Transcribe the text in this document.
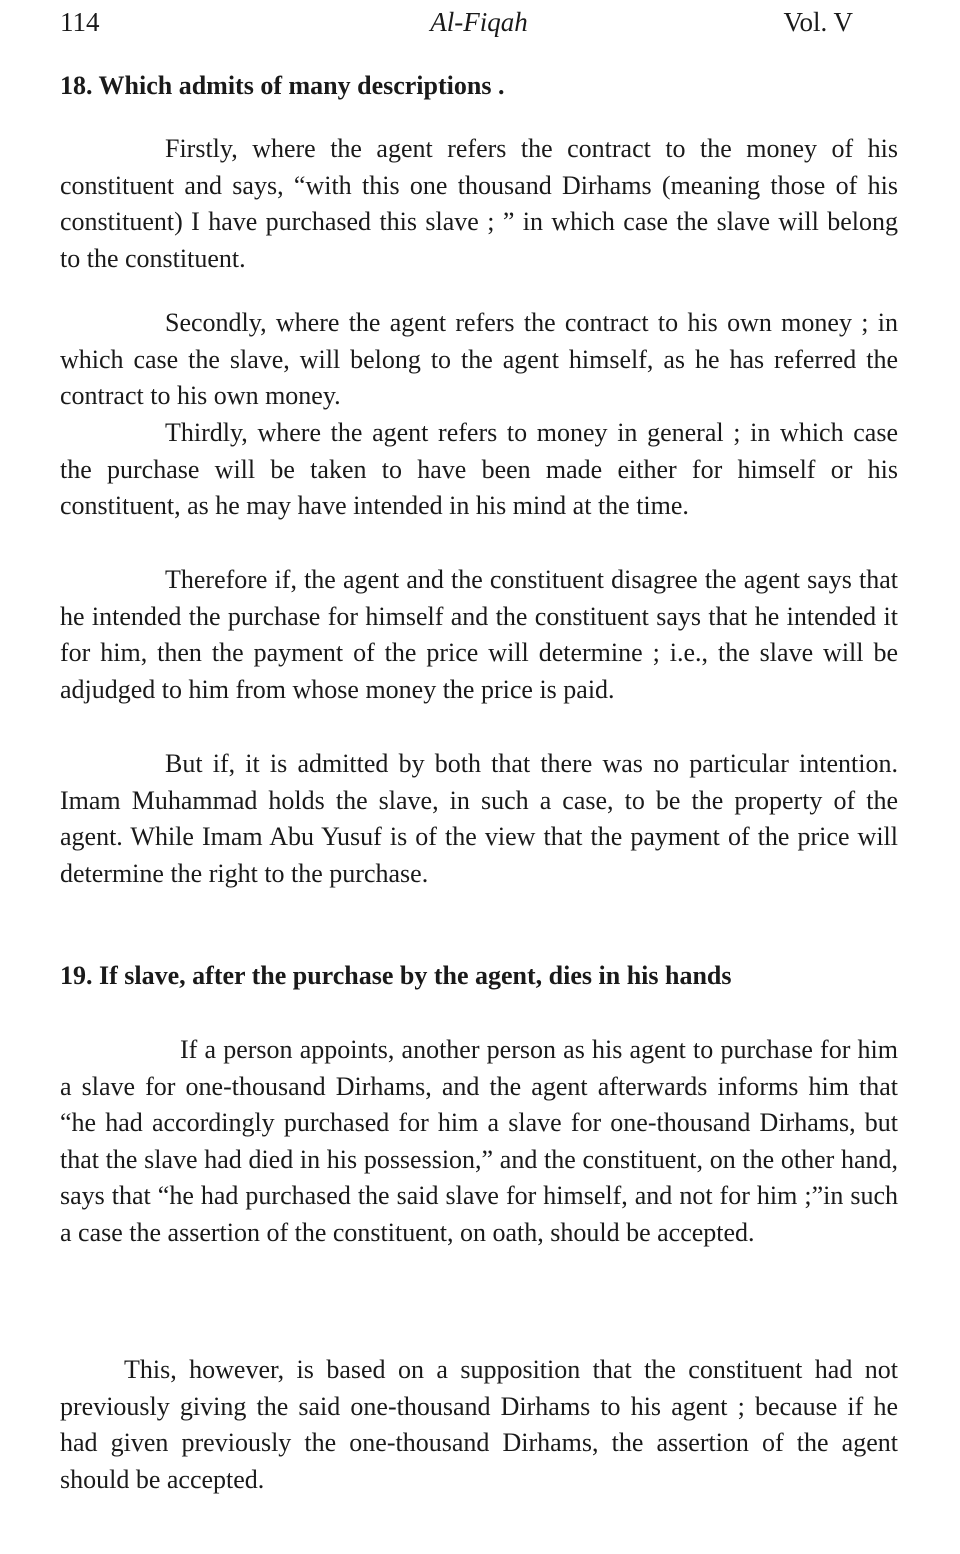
114	Al-Fiqah	Vol. V
18. Which admits of many descriptions .

Firstly, where the agent refers the contract to the money of his constituent and says, “with this one thousand Dirhams (meaning those of his constituent) I have purchased this slave ; ” in which case the slave will belong to the constituent.

Secondly, where the agent refers the contract to his own money ; in which case the slave, will belong to the agent himself, as he has referred the contract to his own money.

Thirdly, where the agent refers to money in general ; in which case the purchase will be taken to have been made either for himself or his constituent, as he may have intended in his mind at the time.

Therefore if, the agent and the constituent disagree the agent says that he intended the purchase for himself and the constituent says that he intended it for him, then the payment of the price will determine ; i.e., the slave will be adjudged to him from whose money the price is paid.

But if, it is admitted by both that there was no particular intention. Imam Muhammad holds the slave, in such a case, to be the property of the agent. While Imam Abu Yusuf is of the view that the payment of the price will determine the right to the purchase.

19. If slave, after the purchase by the agent, dies in his hands

If a person appoints, another person as his agent to purchase for him a slave for one-thousand Dirhams, and the agent afterwards informs him that “he had accordingly purchased for him a slave for one-thousand Dirhams, but that the slave had died in his possession,” and the constituent, on the other hand, says that “he had purchased the said slave for himself, and not for him ;”in such a case the assertion of the constituent, on oath, should be accepted.

This, however, is based on a supposition that the constituent had not previously giving the said one-thousand Dirhams to his agent ; because if he had given previously the one-thousand Dirhams, the assertion of the agent should be accepted.
